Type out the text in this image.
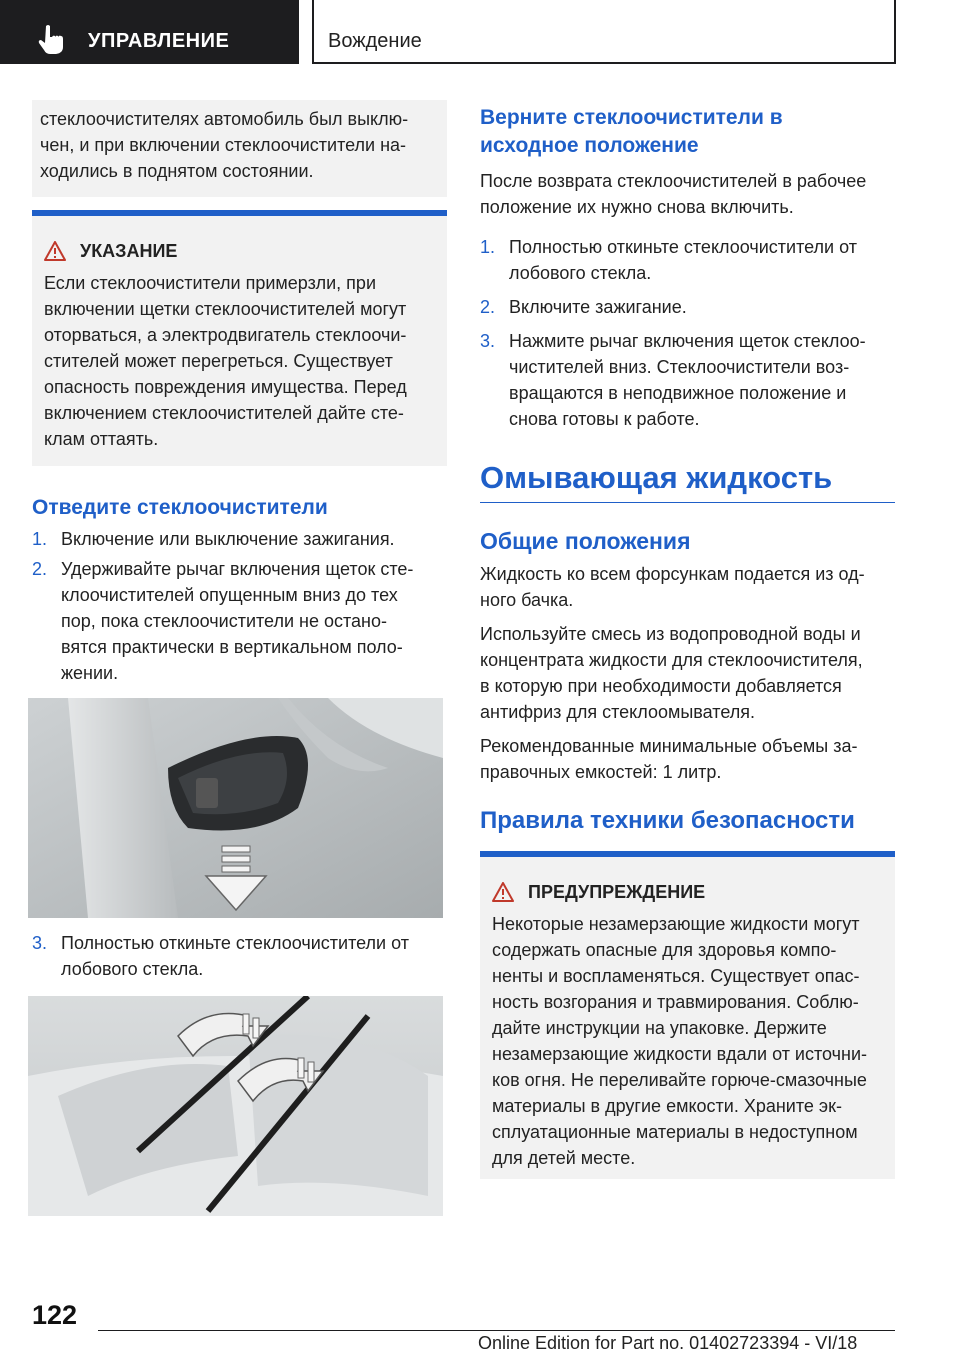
УПРАВЛЕНИЕ	Вождение
стеклоочистителях автомобиль был выклю-
чен, и при включении стеклоочистители на-
ходились в поднятом состоянии.
УКАЗАНИЕ
Если стеклоочистители примерзли, при
включении щетки стеклоочистителей могут
оторваться, а электродвигатель стеклоочи-
стителей может перегреться. Существует
опасность повреждения имущества. Перед
включением стеклоочистителей дайте сте-
клам оттаять.
Отведите стеклоочистители
1. Включение или выключение зажигания.
2. Удерживайте рычаг включения щеток сте-
клоочистителей опущенным вниз до тех
пор, пока стеклоочистители не остано-
вятся практически в вертикальном поло-
жении.
3. Полностью откиньте стеклоочистители от
лобового стекла.
Верните стеклоочистители в
исходное положение
После возврата стеклоочистителей в рабочее
положение их нужно снова включить.
1. Полностью откиньте стеклоочистители от
лобового стекла.
2. Включите зажигание.
3. Нажмите рычаг включения щеток стеклоо-
чистителей вниз. Стеклоочистители воз-
вращаются в неподвижное положение и
снова готовы к работе.
Омывающая жидкость
Общие положения
Жидкость ко всем форсункам подается из од-
ного бачка.
Используйте смесь из водопроводной воды и
концентрата жидкости для стеклоочистителя,
в которую при необходимости добавляется
антифриз для стеклоомывателя.
Рекомендованные минимальные объемы за-
правочных емкостей: 1 литр.
Правила техники безопасности
ПРЕДУПРЕЖДЕНИЕ
Некоторые незамерзающие жидкости могут
содержать опасные для здоровья компо-
ненты и воспламеняться. Существует опас-
ность возгорания и травмирования. Соблю-
дайте инструкции на упаковке. Держите
незамерзающие жидкости вдали от источни-
ков огня. Не переливайте горюче-смазочные
материалы в другие емкости. Храните эк-
сплуатационные материалы в недоступном
для детей месте.
122
Online Edition for Part no. 01402723394 - VI/18
